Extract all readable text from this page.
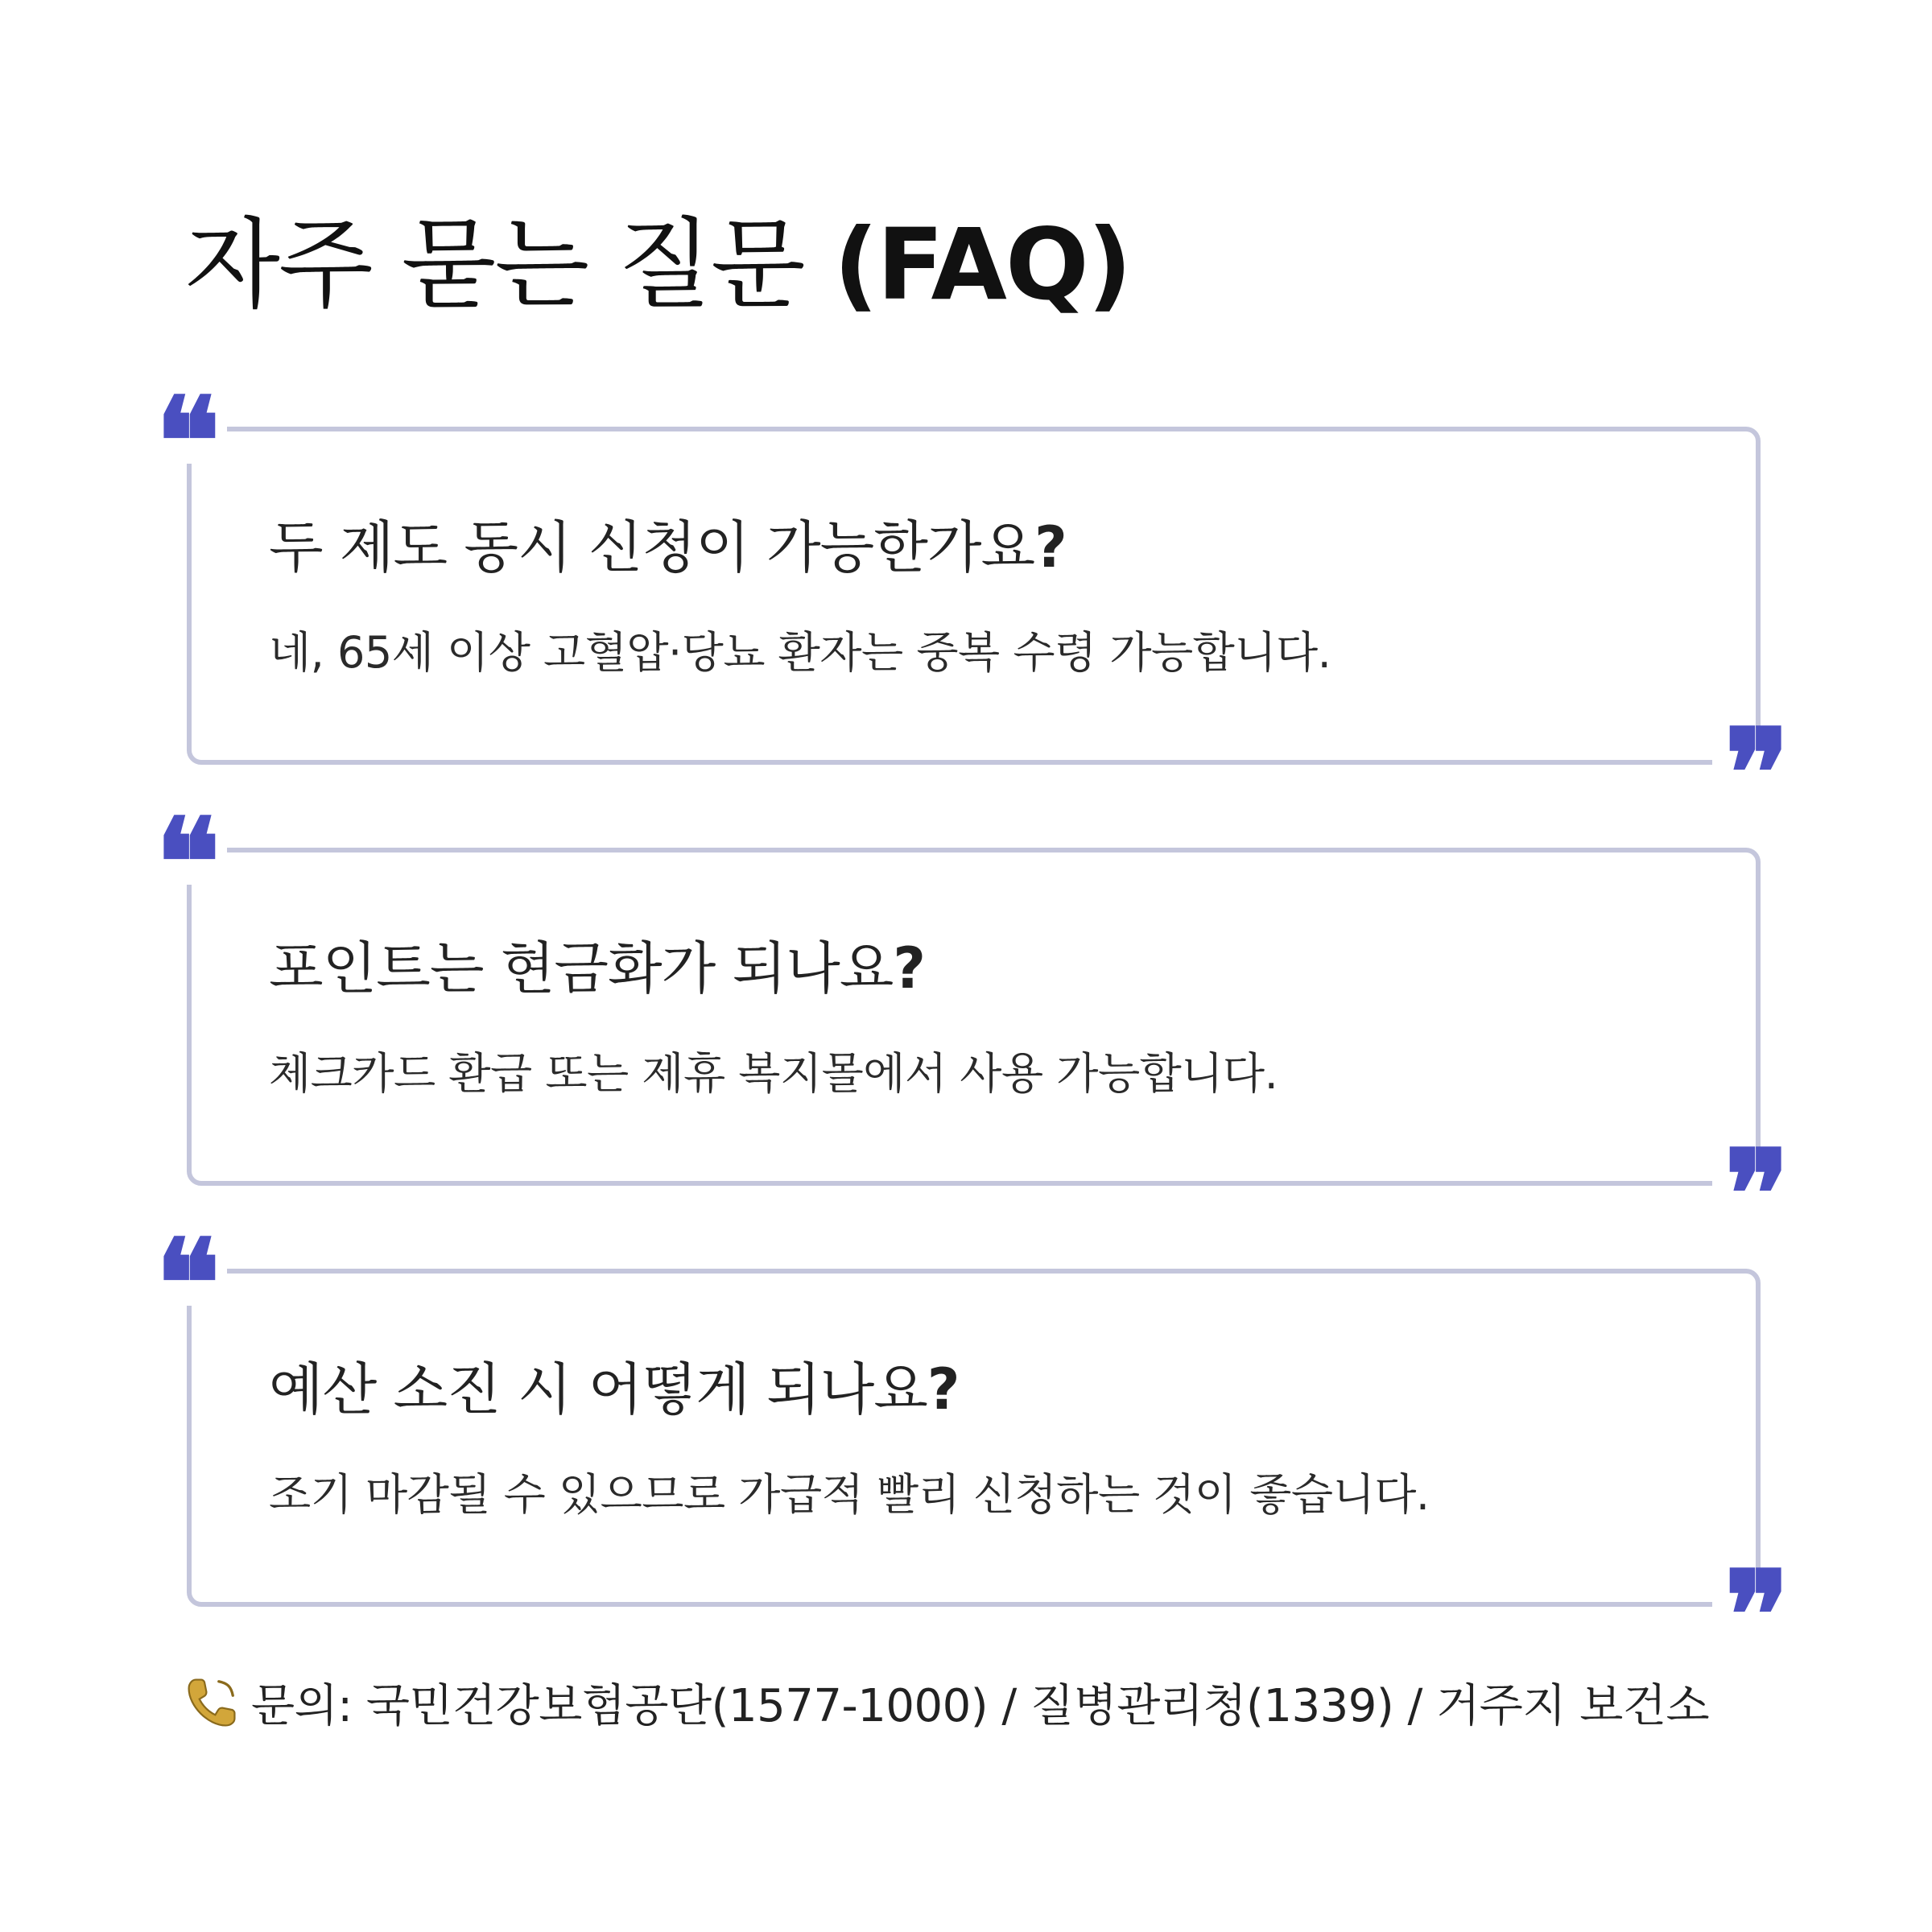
자주 묻는 질문 (FAQ)
❝
❞

두 제도 동시 신청이 가능한가요?

네, 65세 이상 고혈압·당뇨 환자는 중복 수령 가능합니다.

❝
❞

포인트는 현금화가 되나요?

체크카드 환급 또는 제휴 복지몰에서 사용 가능합니다.

❝
❞

예산 소진 시 어떻게 되나요?

조기 마감될 수 있으므로 가급적 빨리 신청하는 것이 좋습니다.

문의: 국민건강보험공단(1577-1000) / 질병관리청(1339) / 거주지 보건소
